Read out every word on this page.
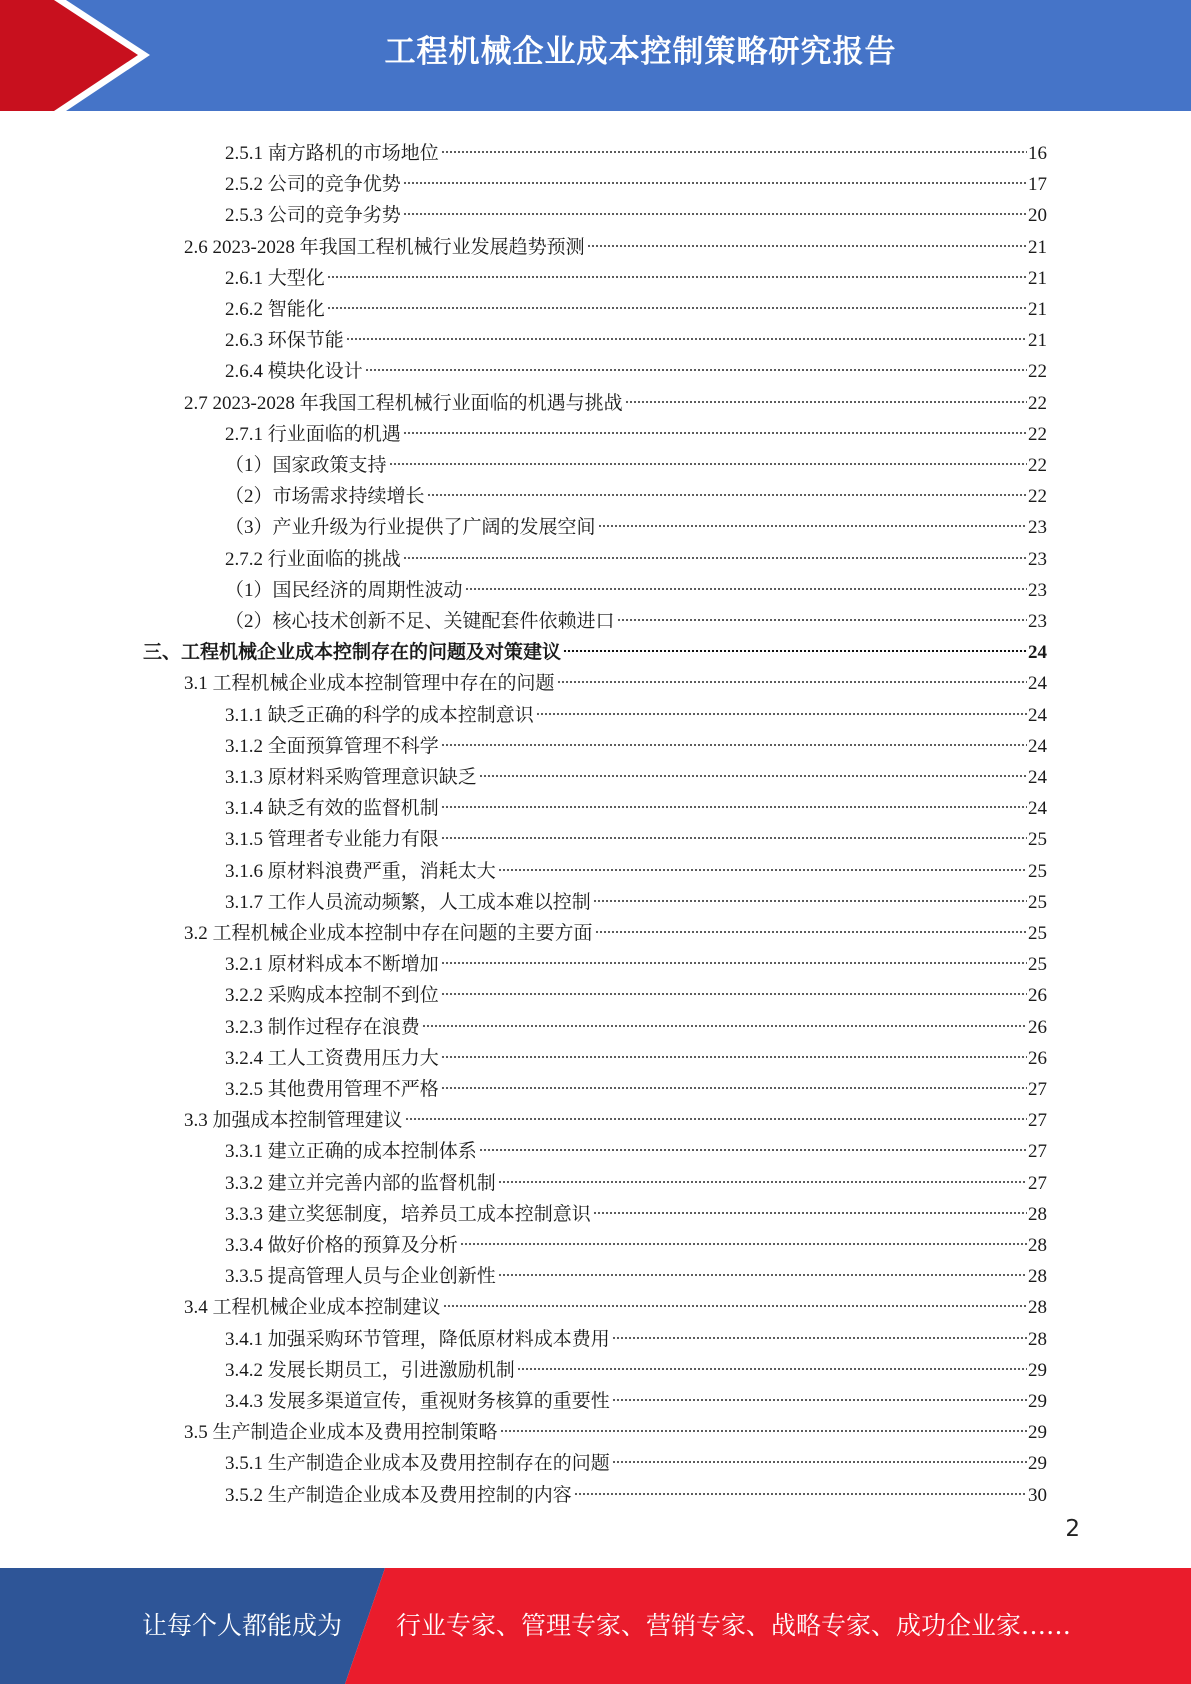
工程机械企业成本控制策略研究报告
2.5.1 南方路机的市场地位	16
2.5.2 公司的竞争优势	17
2.5.3 公司的竞争劣势	20
2.6 2023-2028 年我国工程机械行业发展趋势预测	21
2.6.1 大型化	21
2.6.2 智能化	21
2.6.3 环保节能	21
2.6.4 模块化设计	22
2.7 2023-2028 年我国工程机械行业面临的机遇与挑战	22
2.7.1 行业面临的机遇	22
（1）国家政策支持	22
（2）市场需求持续增长	22
（3）产业升级为行业提供了广阔的发展空间	23
2.7.2 行业面临的挑战	23
（1）国民经济的周期性波动	23
（2）核心技术创新不足、关键配套件依赖进口	23
三、工程机械企业成本控制存在的问题及对策建议	24
3.1 工程机械企业成本控制管理中存在的问题	24
3.1.1 缺乏正确的科学的成本控制意识	24
3.1.2 全面预算管理不科学	24
3.1.3 原材料采购管理意识缺乏	24
3.1.4 缺乏有效的监督机制	24
3.1.5 管理者专业能力有限	25
3.1.6 原材料浪费严重，消耗太大	25
3.1.7 工作人员流动频繁，人工成本难以控制	25
3.2 工程机械企业成本控制中存在问题的主要方面	25
3.2.1 原材料成本不断增加	25
3.2.2 采购成本控制不到位	26
3.2.3 制作过程存在浪费	26
3.2.4 工人工资费用压力大	26
3.2.5 其他费用管理不严格	27
3.3 加强成本控制管理建议	27
3.3.1 建立正确的成本控制体系	27
3.3.2 建立并完善内部的监督机制	27
3.3.3 建立奖惩制度，培养员工成本控制意识	28
3.3.4 做好价格的预算及分析	28
3.3.5 提高管理人员与企业创新性	28
3.4 工程机械企业成本控制建议	28
3.4.1 加强采购环节管理，降低原材料成本费用	28
3.4.2 发展长期员工，引进激励机制	29
3.4.3 发展多渠道宣传，重视财务核算的重要性	29
3.5 生产制造企业成本及费用控制策略	29
3.5.1 生产制造企业成本及费用控制存在的问题	29
3.5.2 生产制造企业成本及费用控制的内容	30
2
让每个人都能成为 行业专家、管理专家、营销专家、战略专家、成功企业家……
